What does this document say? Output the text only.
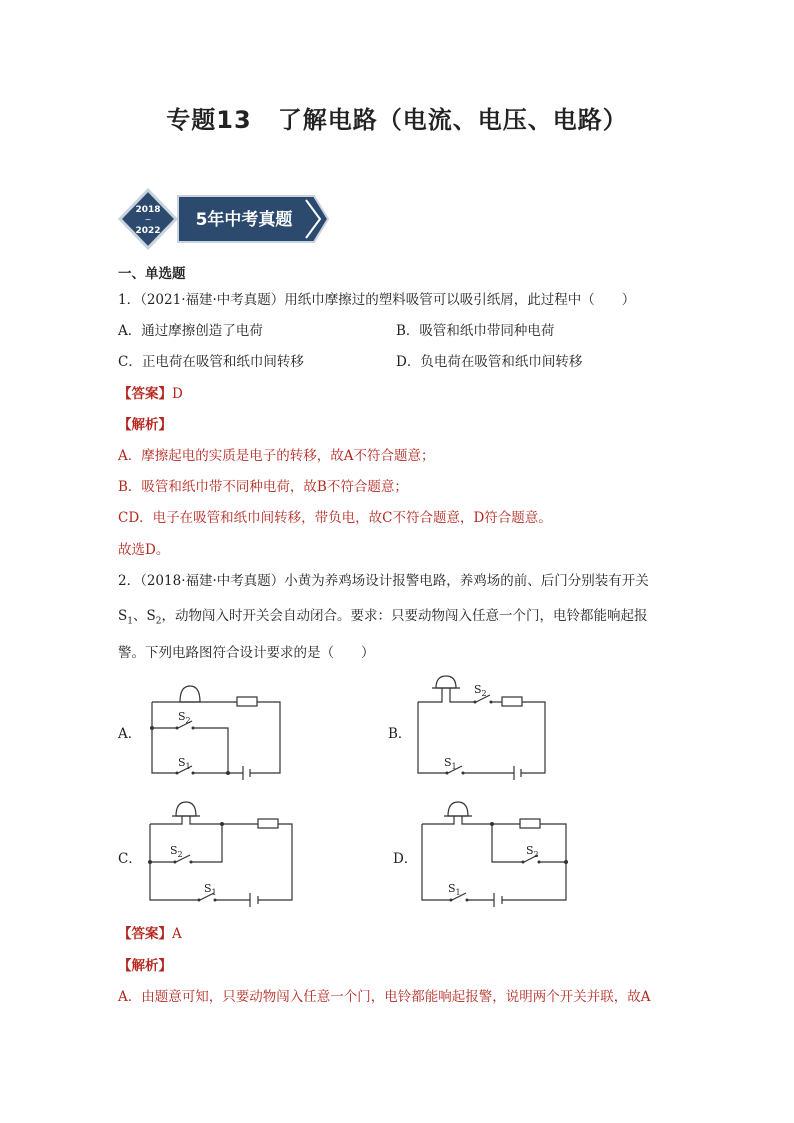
专题13 了解电路（电流、电压、电路）
2018
~
2022
5年中考真题
一、单选题
1．（2021·福建·中考真题）用纸巾摩擦过的塑料吸管可以吸引纸屑，此过程中（　　）
A．通过摩擦创造了电荷	B．吸管和纸巾带同种电荷
C．正电荷在吸管和纸巾间转移	D．负电荷在吸管和纸巾间转移
【答案】D
【解析】
A．摩擦起电的实质是电子的转移，故A不符合题意；
B．吸管和纸巾带不同种电荷，故B不符合题意；
CD．电子在吸管和纸巾间转移，带负电，故C不符合题意，D符合题意。
故选D。
2．（2018·福建·中考真题）小黄为养鸡场设计报警电路，养鸡场的前、后门分别装有开关
$S_1$、$S_2$，动物闯入时开关会自动闭合。要求：只要动物闯入任意一个门，电铃都能响起报
警。下列电路图符合设计要求的是（　　）
A．	B．
C．	D．
$S_2$
$S_1$
$S_2$
$S_1$
$S_2$
$S_1$
$S_2$
$S_1$
【答案】A
【解析】
A．由题意可知，只要动物闯入任意一个门，电铃都能响起报警，说明两个开关并联，故A
